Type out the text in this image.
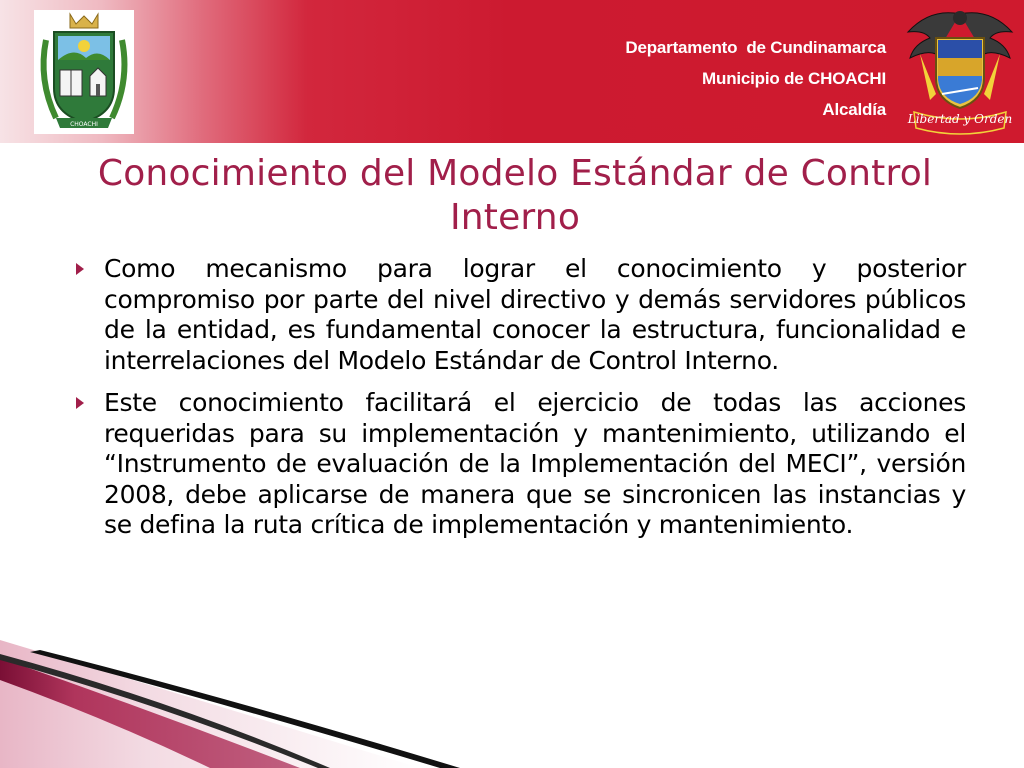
CHOACHI
Departamento  de Cundinamarca
Municipio de CHOACHI
Alcaldía	Libertad y Orden
Conocimiento del Modelo Estándar de Control Interno
Como mecanismo para lograr el conocimiento y posterior compromiso por parte del nivel directivo y demás servidores públicos de la entidad, es fundamental conocer la estructura, funcionalidad e interrelaciones del Modelo Estándar de Control Interno.
Este conocimiento facilitará el ejercicio de todas las acciones requeridas para su implementación y mantenimiento, utilizando el “Instrumento de evaluación de la Implementación del MECI”, versión 2008, debe aplicarse de manera que se sincronicen las instancias y se defina la ruta crítica de implementación y mantenimiento.
